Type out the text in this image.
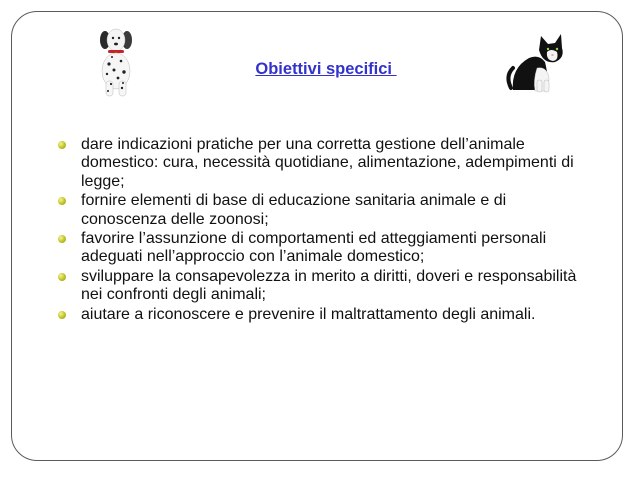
Obiettivi specifici
dare indicazioni pratiche per una corretta gestione dell’animale domestico: cura, necessità quotidiane, alimentazione, adempimenti di legge;
fornire elementi di base di educazione sanitaria animale e di conoscenza delle zoonosi;
favorire l’assunzione di comportamenti ed atteggiamenti personali adeguati nell’approccio con l’animale domestico;
sviluppare la consapevolezza in merito a diritti, doveri e responsabilità nei confronti degli animali;
aiutare a riconoscere e prevenire il maltrattamento degli animali.
